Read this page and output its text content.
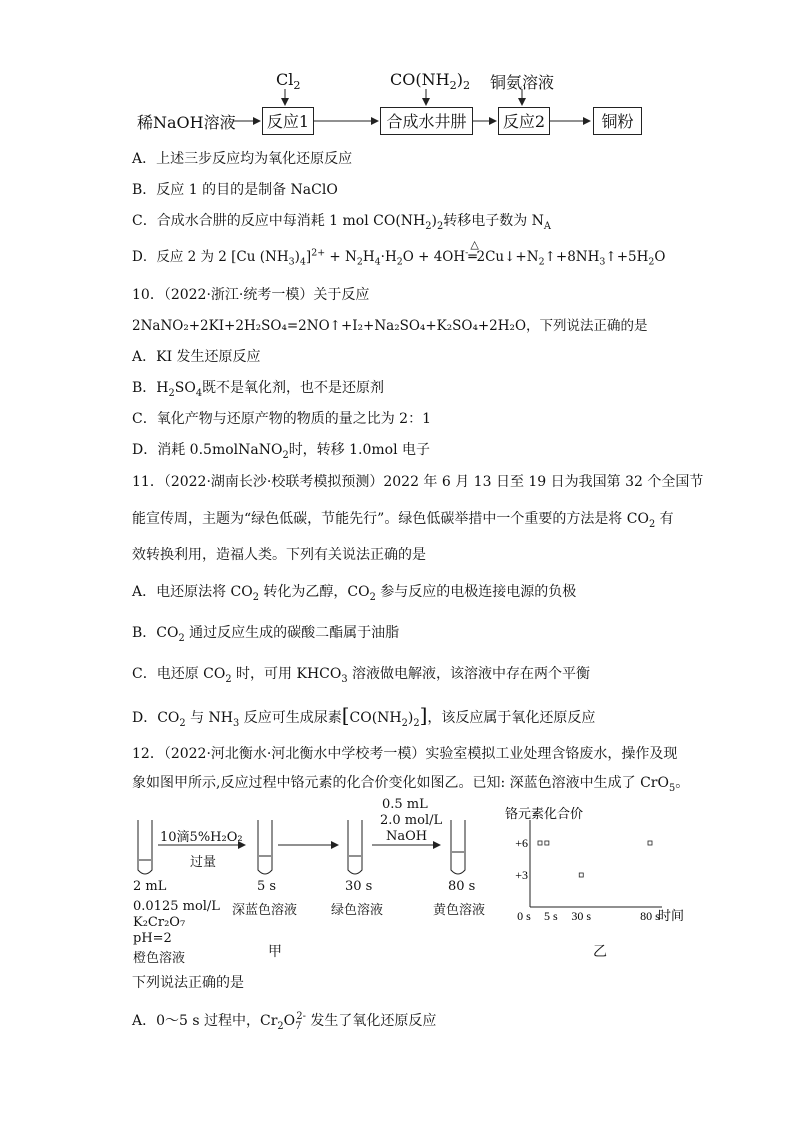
稀NaOH溶液	反应1	合成水井肼	反应2	铜粉
$Cl_2$	$CO(NH_2)_2$ 铜氨溶液
A．上述三步反应均为氧化还原反应
B．反应 1 的目的是制备 NaClO
C．合成水合肼的反应中每消耗 1 mol $CO(NH_2)_2$转移电子数为 $N_A$
D．反应 2 为 2 [Cu $(NH_3)_4]^{2+} + N_2H_4\cdot H_2O + 4OH^-$
△
$═2Cu↓+N_2↑+8NH_3↑+5H_2O$
10．（2022·浙江·统考一模）关于反应
2NaNO₂+2KI+2H₂SO₄=2NO↑+I₂+Na₂SO₄+K₂SO₄+2H₂O，下列说法正确的是
A．KI 发生还原反应
B．$H_2SO_4$既不是氧化剂，也不是还原剂
C．氧化产物与还原产物的物质的量之比为 2：1
D．消耗 0.5molNaNO$_2$时，转移 1.0mol 电子
11．（2022·湖南长沙·校联考模拟预测）2022 年 6 月 13 日至 19 日为我国第 32 个全国节
能宣传周，主题为“绿色低碳，节能先行”。绿色低碳举措中一个重要的方法是将 $CO_2$ 有
效转换利用，造福人类。下列有关说法正确的是
A．电还原法将 $CO_2$ 转化为乙醇，$CO_2$ 参与反应的电极连接电源的负极
B．$CO_2$ 通过反应生成的碳酸二酯属于油脂
C．电还原 $CO_2$ 时，可用 $KHCO_3$ 溶液做电解液，该溶液中存在两个平衡
D．$CO_2$ 与 $NH_3$ 反应可生成尿素$[CO(NH_2)_2]$，该反应属于氧化还原反应
12．（2022·河北衡水·河北衡水中学校考一模）实验室模拟工业处理含铬废水，操作及现
象如图甲所示,反应过程中铬元素的化合价变化如图乙。已知: 深蓝色溶液中生成了 CrO$_5$。
10滴5%H₂O₂
过量
0.5 mL
2.0 mol/L
NaOH
2 mL
0.0125 mol/L
K₂Cr₂O₇
pH=2
橙色溶液
5 s
深蓝色溶液
30 s
绿色溶液
80 s
黄色溶液
甲
铬元素化合价
时间
0 s 5 s 30 s	80 s
+6
+3
乙
下列说法正确的是
A．0～5 s 过程中，$Cr_2O_7^{2-}$ 发生了氧化还原反应
